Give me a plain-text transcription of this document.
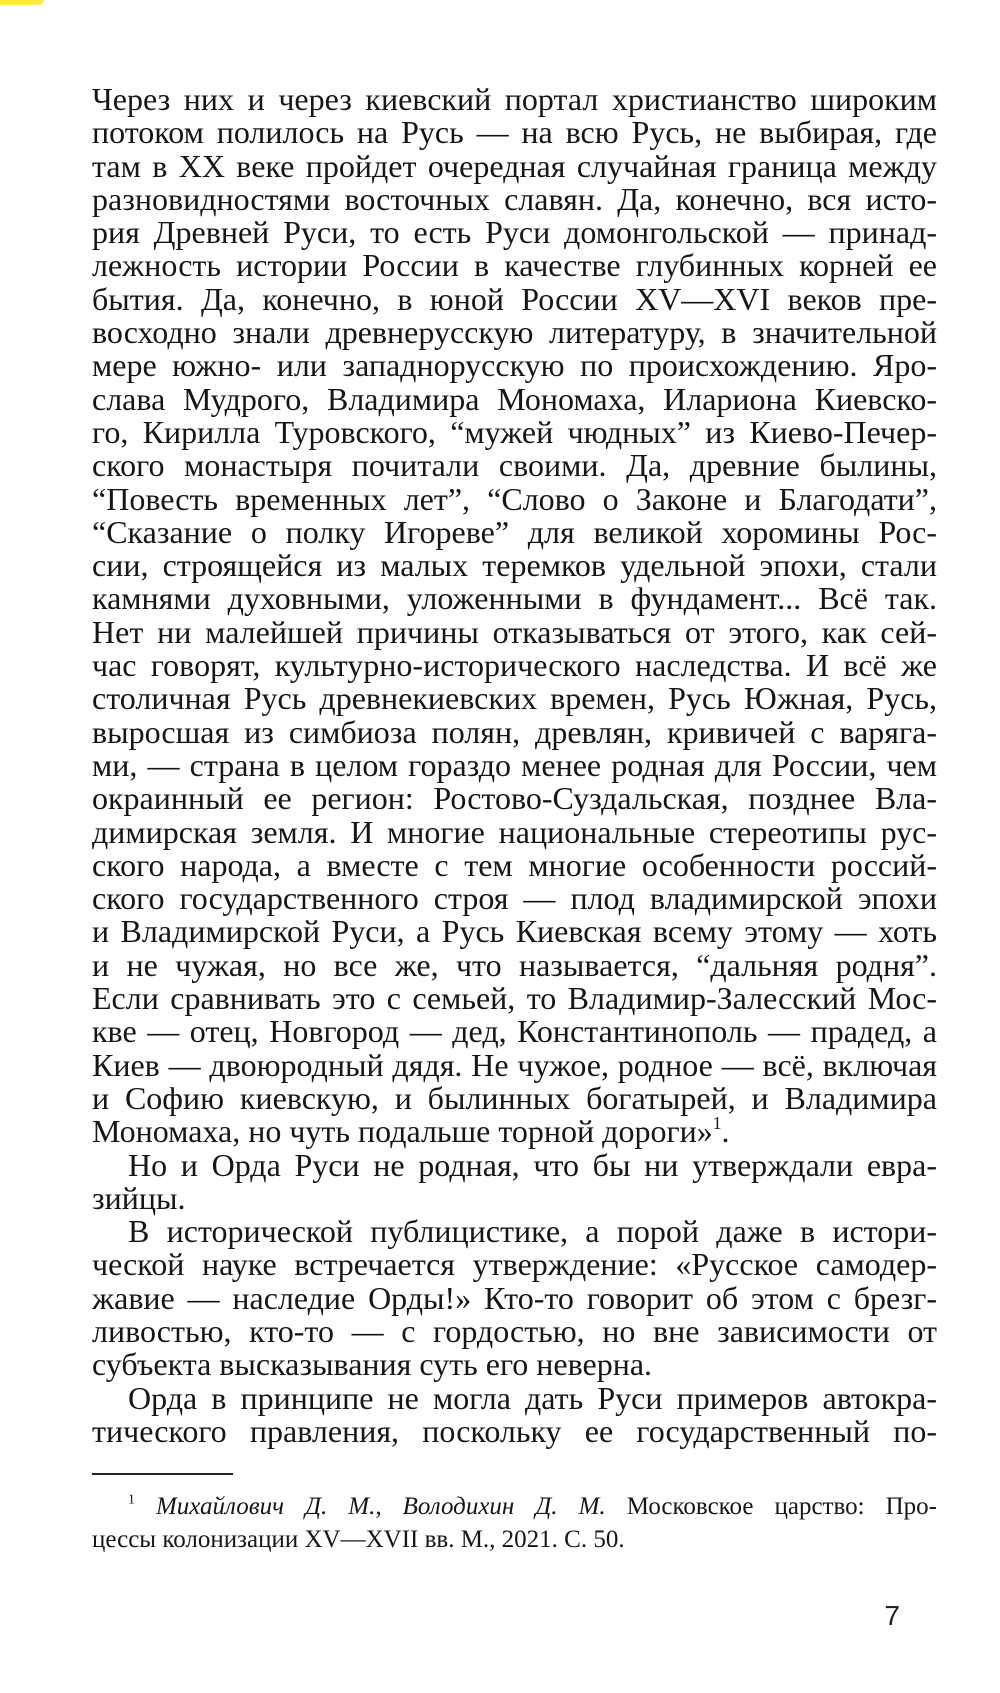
Через них и через киевский портал христианство широким
потоком полилось на Русь — на всю Русь, не выбирая, где
там в XX веке пройдет очередная случайная граница между
разновидностями восточных славян. Да, конечно, вся исто-
рия Древней Руси, то есть Руси домонгольской — принад-
лежность истории России в качестве глубинных корней ее
бытия. Да, конечно, в юной России XV—XVI веков пре-
восходно знали древнерусскую литературу, в значительной
мере южно- или западнорусскую по происхождению. Яро-
слава Мудрого, Владимира Мономаха, Илариона Киевско-
го, Кирилла Туровского, “мужей чюдных” из Киево-Печер-
ского монастыря почитали своими. Да, древние былины,
“Повесть временных лет”, “Слово о Законе и Благодати”,
“Сказание о полку Игореве” для великой хоромины Рос-
сии, строящейся из малых теремков удельной эпохи, стали
камнями духовными, уложенными в фундамент... Всё так.
Нет ни малейшей причины отказываться от этого, как сей-
час говорят, культурно-исторического наследства. И всё же
столичная Русь древнекиевских времен, Русь Южная, Русь,
выросшая из симбиоза полян, древлян, кривичей с варяга-
ми, — страна в целом гораздо менее родная для России, чем
окраинный ее регион: Ростово-Суздальская, позднее Вла-
димирская земля. И многие национальные стереотипы рус-
ского народа, а вместе с тем многие особенности россий-
ского государственного строя — плод владимирской эпохи
и Владимирской Руси, а Русь Киевская всему этому — хоть
и не чужая, но все же, что называется, “дальняя родня”.
Если сравнивать это с семьей, то Владимир-Залесский Мос-
кве — отец, Новгород — дед, Константинополь — прадед, а
Киев — двоюродный дядя. Не чужое, родное — всё, включая
и Софию киевскую, и былинных богатырей, и Владимира
Мономаха, но чуть подальше торной дороги»$^1$.
Но и Орда Руси не родная, что бы ни утверждали евра-
зийцы.
В исторической публицистике, а порой даже в истори-
ческой науке встречается утверждение: «Русское самодер-
жавие — наследие Орды!» Кто-то говорит об этом с брезг-
ливостью, кто-то — с гордостью, но вне зависимости от
субъекта высказывания суть его неверна.
Орда в принципе не могла дать Руси примеров автокра-
тического правления, поскольку ее государственный по-
$^1$ Михайлович Д. М., Володихин Д. М. Московское царство: Про-
цессы колонизации XV—XVII вв. М., 2021. С. 50.
7
